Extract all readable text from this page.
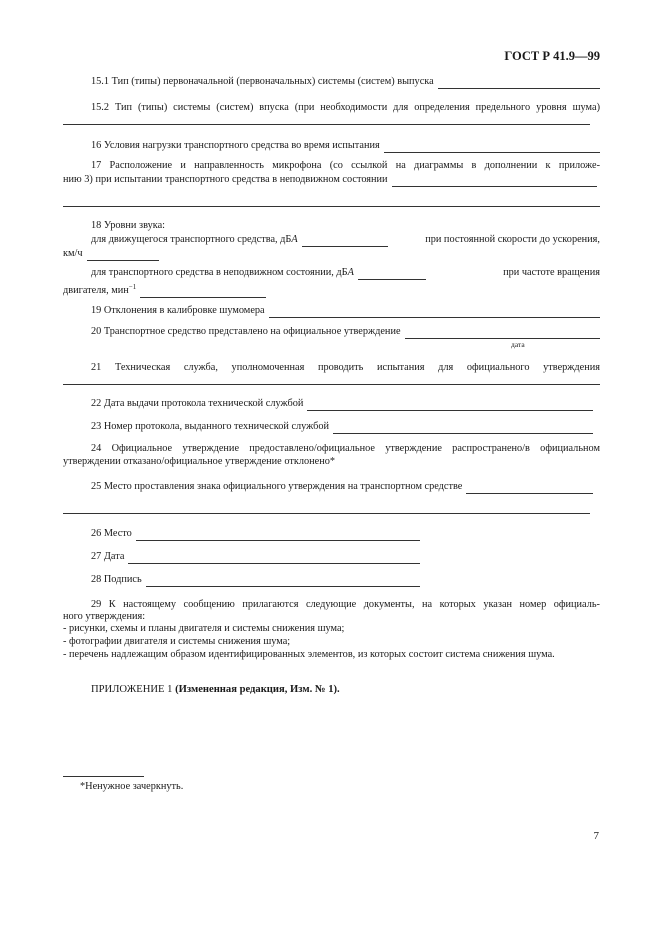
ГОСТ Р 41.9—99
15.1 Тип (типы) первоначальной (первоначальных) системы (систем) выпуска
15.2 Тип (типы) системы (систем) впуска (при необходимости для определения предельного уровня шума)
16 Условия нагрузки транспортного средства во время испытания
17 Расположение и направленность микрофона (со ссылкой на диаграммы в дополнении к приложе-
нию 3) при испытании транспортного средства в неподвижном состоянии
18 Уровни звука:
для движущегося транспортного средства, дБA	при постоянной скорости до ускорения,
км/ч
для транспортного средства в неподвижном состоянии, дБA	при частоте вращения
двигателя, мин$^{-1}$
19 Отклонения в калибровке шумомера
20 Транспортное средство представлено на официальное утверждение
дата
21 Техническая служба, уполномоченная проводить испытания для официального утверждения
22 Дата выдачи протокола технической службой
23 Номер протокола, выданного технической службой
24 Официальное утверждение предоставлено/официальное утверждение распространено/в официальном утверждении отказано/официальное утверждение отклонено*
25 Место проставления знака официального утверждения на транспортном средстве
26 Место
27 Дата
28 Подпись
29 К настоящему сообщению прилагаются следующие документы, на которых указан номер официаль-
ного утверждения:
- рисунки, схемы и планы двигателя и системы снижения шума;
- фотографии двигателя и системы снижения шума;
- перечень надлежащим образом идентифицированных элементов, из которых состоит система снижения шума.
ПРИЛОЖЕНИЕ 1 (Измененная редакция, Изм. № 1).
*Ненужное зачеркнуть.
7
